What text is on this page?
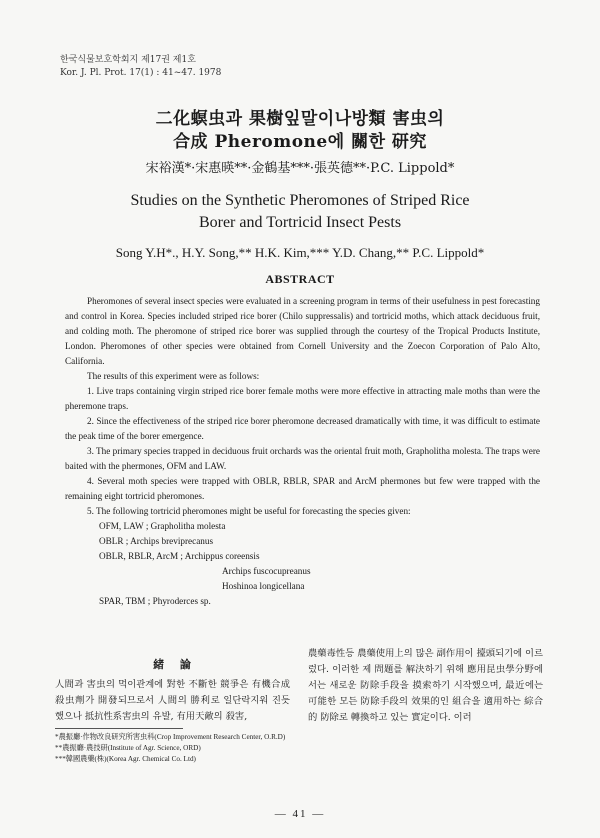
한국식물보호학회지 제17권 제1호
Kor. J. Pl. Prot. 17(1) : 41~47. 1978
二化螟虫과 果樹잎말이나방類 害虫의
合成 Pheromone에 關한 研究
宋裕漢*·宋惠暎**·金鶴基***·張英德**·P.C. Lippold*
Studies on the Synthetic Pheromones of Striped Rice
Borer and Tortricid Insect Pests
Song Y.H*., H.Y. Song,** H.K. Kim,*** Y.D. Chang,** P.C. Lippold*
ABSTRACT

Pheromones of several insect species were evaluated in a screening program in terms of their usefulness in pest forecasting and control in Korea. Species included striped rice borer (Chilo suppressalis) and tortricid moths, which attack deciduous fruit, and colding moth. The pheromone of striped rice borer was supplied through the courtesy of the Tropical Products Institute, London. Pheromones of other species were obtained from Cornell University and the Zoecon Corporation of Palo Alto, California.

The results of this experiment were as follows:

1. Live traps containing virgin striped rice borer female moths were more effective in attracting male moths than were the pheremone traps.

2. Since the effectiveness of the striped rice borer pheromone decreased dramatically with time, it was difficult to estimate the peak time of the borer emergence.

3. The primary species trapped in deciduous fruit orchards was the oriental fruit moth, Grapholitha molesta. The traps were baited with the phermones, OFM and LAW.

4. Several moth species were trapped with OBLR, RBLR, SPAR and ArcM phermones but few were trapped with the remaining eight tortricid pheromones.

5. The following tortricid pheromones might be useful for forecasting the species given:

OFM, LAW ; Grapholitha molesta
OBLR ; Archips breviprecanus
OBLR, RBLR, ArcM ; Archippus coreensis
Archips fuscocupreanus
Hoshinoa longicellana
SPAR, TBM ; Phyroderces sp.
緒 論
人間과 害虫의 먹이관계에 對한 不斷한 競爭은 有機合成殺虫劑가 開發되므로서 人間의 勝利로 일단락지워 진듯 했으나 抵抗性系害虫의 유발, 有用天敵의 殺害,
農藥毒性등 農藥使用上의 많은 副作用이 擡頭되기에 이르렀다. 이러한 제 問題를 解決하기 위해 應用昆虫學分野에서는 새로운 防除手段을 摸索하기 시작했으며, 最近에는 可能한 모든 防除手段의 效果的인 組合을 適用하는 綜合的 防除로 轉換하고 있는 實定이다. 이러
*農振廳·作物改良研究所害虫科(Crop Improvement Research Center, O.R.D)
**農振廳·農技研(Institute of Agr. Science, ORD)
***韓國農藥(株)(Korea Agr. Chemical Co. Ltd)
— 41 —
